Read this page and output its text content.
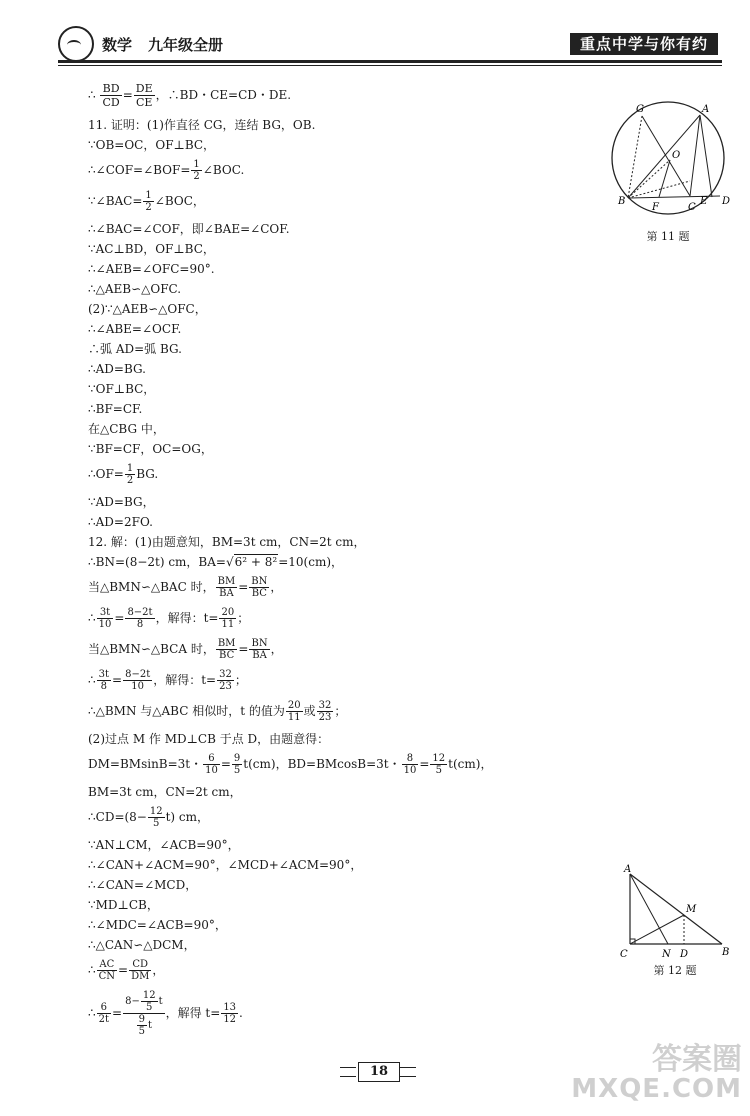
数学 九年级全册	重点中学与你有约
∴ $\frac{BD}{CD} = \frac{DE}{CE}$ ，∴BD・CE=CD・DE.
11. 证明：(1)作直径 CG，连结 BG，OB.
∵OB=OC，OF⊥BC，
∴∠COF=∠BOF= $\frac{1}{2}$ ∠BOC.
∵∠BAC= $\frac{1}{2}$ ∠BOC，
∴∠BAC=∠COF，即∠BAE=∠COF.
∵AC⊥BD，OF⊥BC，
∴∠AEB=∠OFC=90°.
∴△AEB∽△OFC.
(2)∵△AEB∽△OFC，
∴∠ABE=∠OCF.
∴弧 AD=弧 BG.
∴AD=BG.
∵OF⊥BC，
∴BF=CF.
在△CBG 中，
∵BF=CF，OC=OG，
∴OF= $\frac{1}{2}$ BG.
∵AD=BG，
∴AD=2FO.
12. 解：(1)由题意知，BM=3t cm，CN=2t cm，
∴BN=(8−2t) cm，BA=√6² + 8²=10(cm)，
当△BMN∽△BAC 时， $\frac{BM}{BA} = \frac{BN}{BC}$ ，
∴ $\frac{3t}{10} = \frac{8-2t}{8}$ ，解得：$t= \frac{20}{11}$ ；
当△BMN∽△BCA 时， $\frac{BM}{BC} = \frac{BN}{BA}$ ，
∴ $\frac{3t}{8} = \frac{8-2t}{10}$ ，解得：$t= \frac{32}{23}$ ；
∴△BMN 与△ABC 相似时，t 的值为 $\frac{20}{11}$ 或 $\frac{32}{23}$ ；
(2)过点 M 作 MD⊥CB 于点 D，由题意得：
DM=BMsinB=3t・ $\frac{6}{10} = \frac{9}{5} t(cm)$，BD=BMcosB=3t・ $\frac{8}{10} = \frac{12}{5} t(cm)$，
BM=3t cm，CN=2t cm，
∴CD=(8− $\frac{12}{5} t$) cm，
∵AN⊥CM，∠ACB=90°，
∴∠CAN+∠ACM=90°，∠MCD+∠ACM=90°，
∴∠CAN=∠MCD，
∵MD⊥CB，
∴∠MDC=∠ACB=90°，
∴△CAN∽△DCM，
∴ $\frac{AC}{CN} = \frac{CD}{DM}$ ，
∴ $\frac{6}{2t} = \frac{8- \frac{12}{5} t}{\frac{9}{5} t}$ ，解得 $t= \frac{13}{12}$ .
G	A
O
B
F	C
E D
第 11 题
A
M
C	N D	B
第 12 题
18	答案圈
MXQE.COM
